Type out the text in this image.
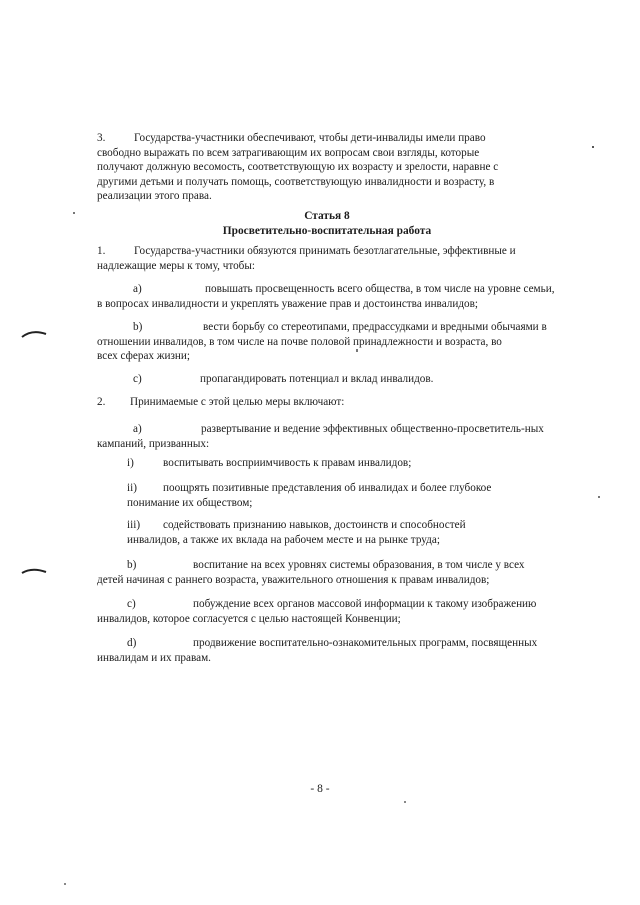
3.	Государства-участники обеспечивают, чтобы дети-инвалиды имели право
свободно выражать по всем затрагивающим их вопросам свои взгляды, которые
получают должную весомость, соответствующую их возрасту и зрелости, наравне с
другими детьми и получать помощь, соответствующую инвалидности и возрасту, в
реализации этого права.
Статья 8
Просветительно-воспитательная работа
1.	Государства-участники обязуются принимать безотлагательные, эффективные и
надлежащие меры к тому, чтобы:
a)	повышать просвещенность всего общества, в том числе на уровне семьи,
в вопросах инвалидности и укреплять уважение прав и достоинства инвалидов;
b)	вести борьбу со стереотипами, предрассудками и вредными обычаями в
отношении инвалидов, в том числе на почве половой принадлежности и возраста, во
всех сферах жизни;
c)	пропагандировать потенциал и вклад инвалидов.
2. Принимаемые с этой целью меры включают:
a)	развертывание и ведение эффективных общественно-просветитель-ных
кампаний, призванных:
i)	воспитывать восприимчивость к правам инвалидов;
ii) поощрять позитивные представления об инвалидах и более глубокое
понимание их обществом;
iii) содействовать признанию навыков, достоинств и способностей
инвалидов, а также их вклада на рабочем месте и на рынке труда;
b)	воспитание на всех уровнях системы образования, в том числе у всех
детей начиная с раннего возраста, уважительного отношения к правам инвалидов;
c)	побуждение всех органов массовой информации к такому изображению
инвалидов, которое согласуется с целью настоящей Конвенции;
d)	продвижение воспитательно-ознакомительных программ, посвященных
инвалидам и их правам.
- 8 -
